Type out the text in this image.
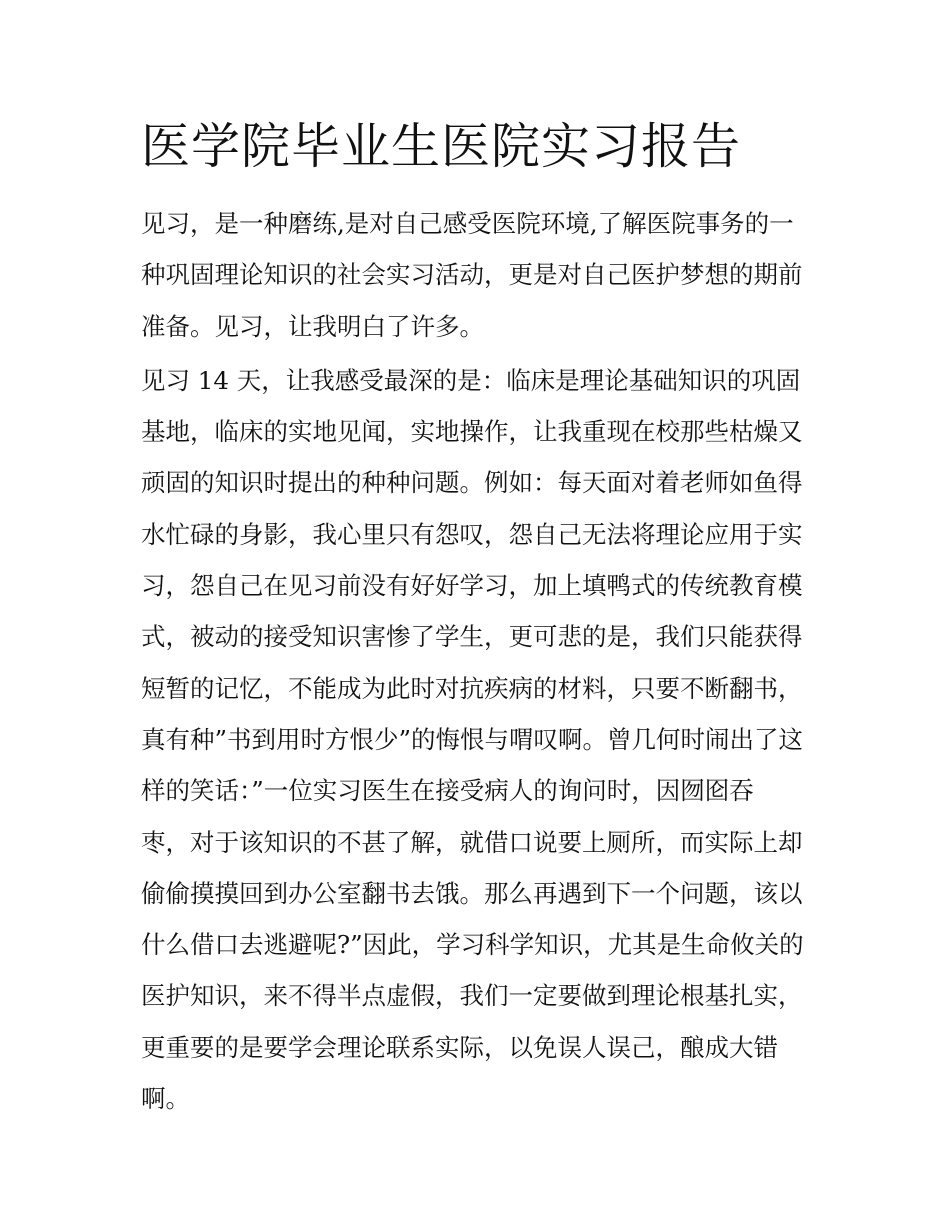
医学院毕业生医院实习报告

见习，是一种磨练,是对自己感受医院环境,了解医院事务的一
种巩固理论知识的社会实习活动，更是对自己医护梦想的期前
准备。见习，让我明白了许多。

见习 14 天，让我感受最深的是：临床是理论基础知识的巩固
基地，临床的实地见闻，实地操作，让我重现在校那些枯燥又
顽固的知识时提出的种种问题。例如：每天面对着老师如鱼得
水忙碌的身影，我心里只有怨叹，怨自己无法将理论应用于实
习，怨自己在见习前没有好好学习，加上填鸭式的传统教育模
式，被动的接受知识害惨了学生，更可悲的是，我们只能获得
短暂的记忆，不能成为此时对抗疾病的材料，只要不断翻书，
真有种”书到用时方恨少”的悔恨与喟叹啊。曾几何时闹出了这
样的笑话：”一位实习医生在接受病人的询问时，因囫囵吞
枣，对于该知识的不甚了解，就借口说要上厕所，而实际上却
偷偷摸摸回到办公室翻书去饿。那么再遇到下一个问题，该以
什么借口去逃避呢?”因此，学习科学知识，尤其是生命攸关的
医护知识，来不得半点虚假，我们一定要做到理论根基扎实，
更重要的是要学会理论联系实际，以免误人误己，酿成大错
啊。
